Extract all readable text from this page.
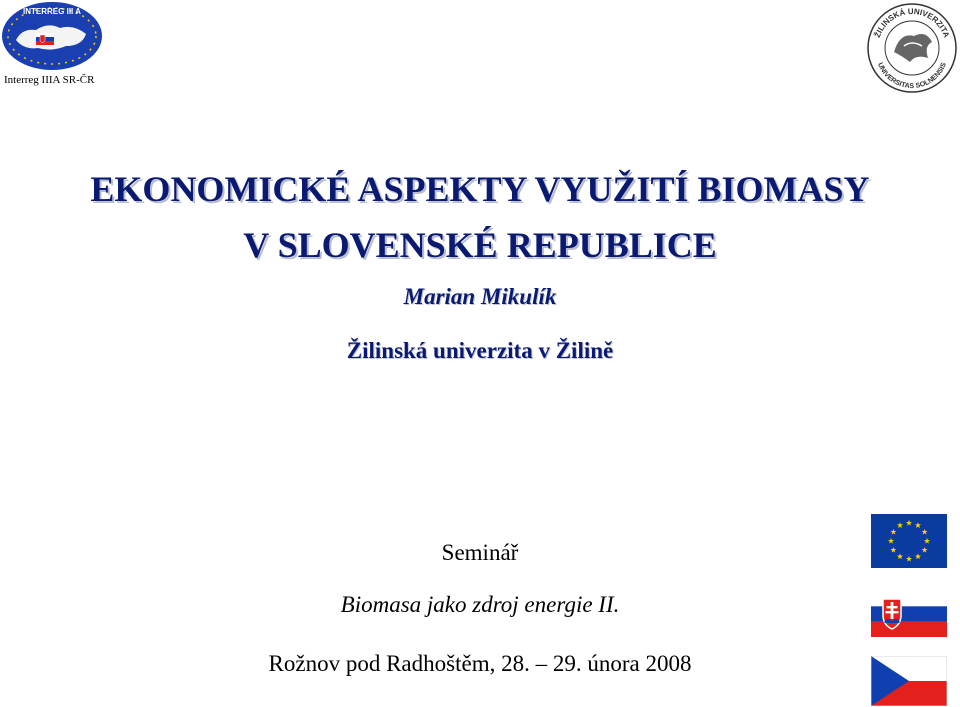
INTERREG III A
Interreg IIIA SR-ČR
ŽILINSKÁ UNIVERZITA
UNIVERSITAS SOLNENSIS
EKONOMICKÉ ASPEKTY VYUŽITÍ BIOMASY
V SLOVENSKÉ REPUBLICE
Marian Mikulík
Žilinská univerzita v Žilině
Seminář
Biomasa jako zdroj energie II.
Rožnov pod Radhoštěm, 28. – 29. února 2008
